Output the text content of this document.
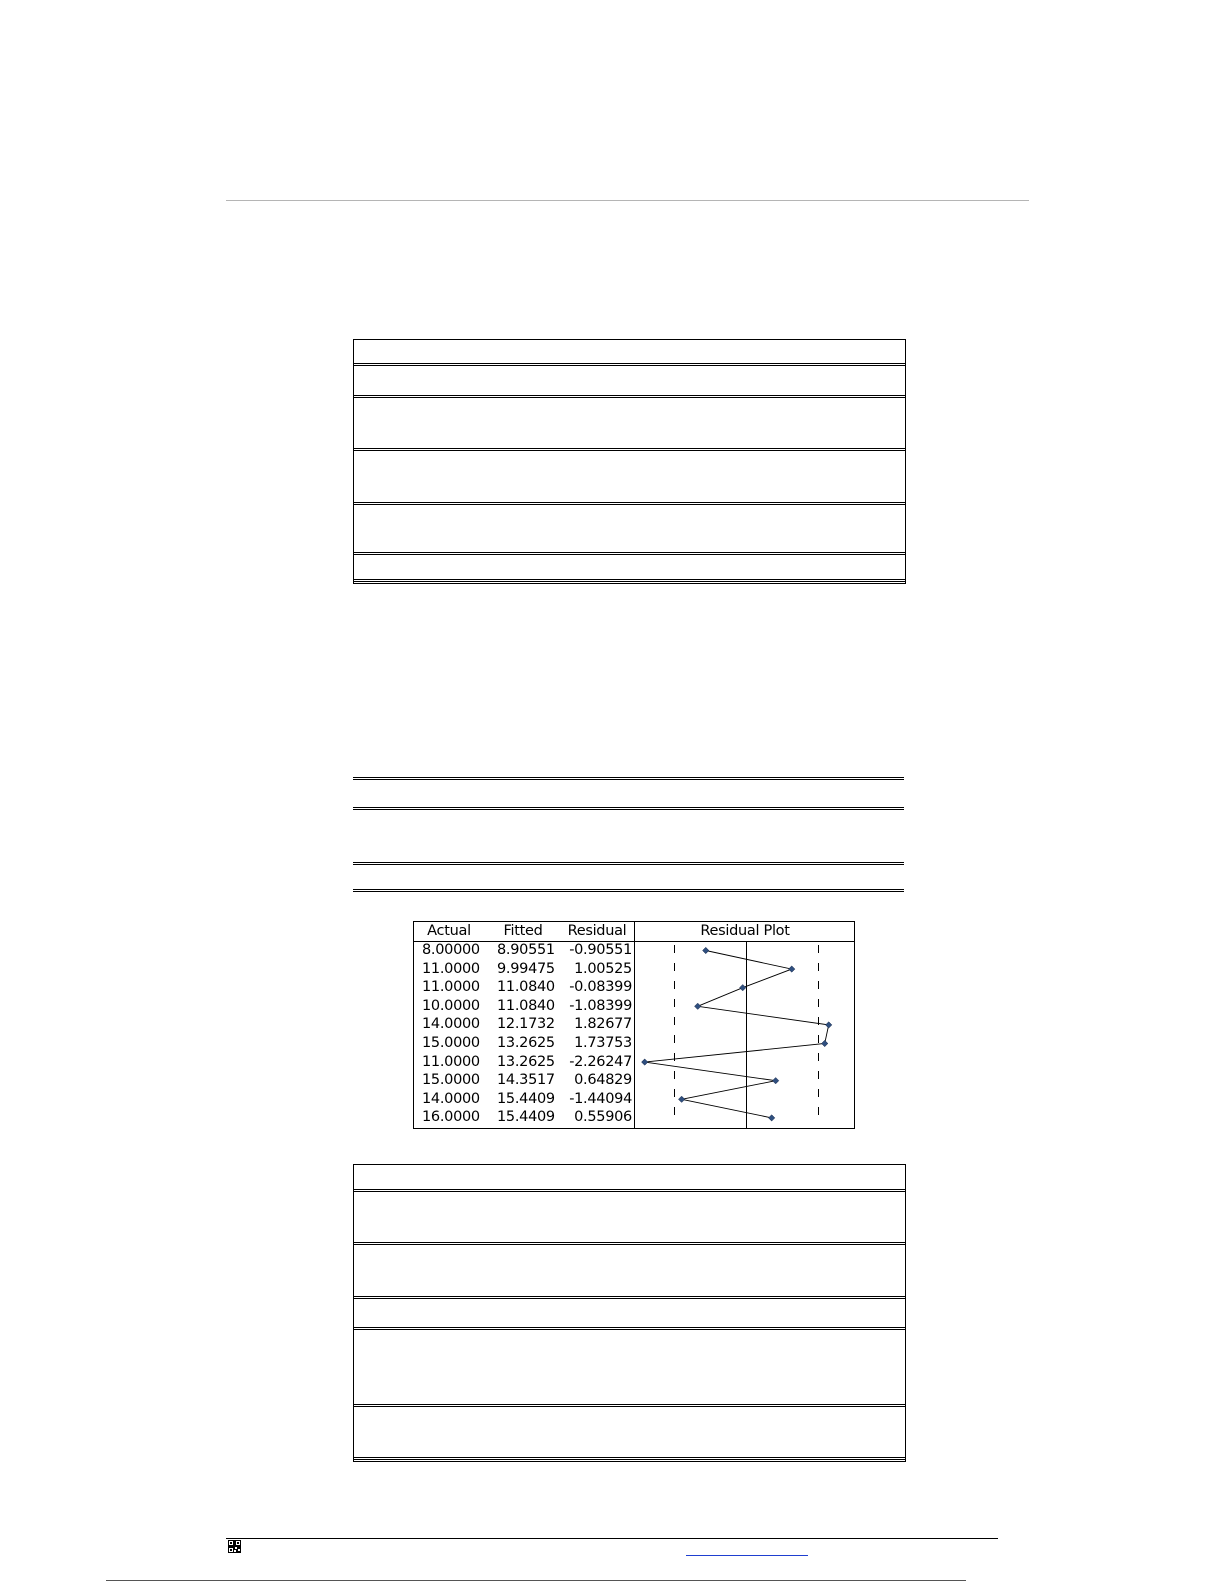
Actual	Fitted	Residual	Residual Plot
8.00000 8.90551 -0.90551
11.0000 9.99475 1.00525
11.0000 11.0840 -0.08399
10.0000 11.0840 -1.08399
14.0000 12.1732 1.82677
15.0000 13.2625 1.73753
11.0000 13.2625 -2.26247
15.0000 14.3517 0.64829
14.0000 15.4409 -1.44094
16.0000 15.4409 0.55906
